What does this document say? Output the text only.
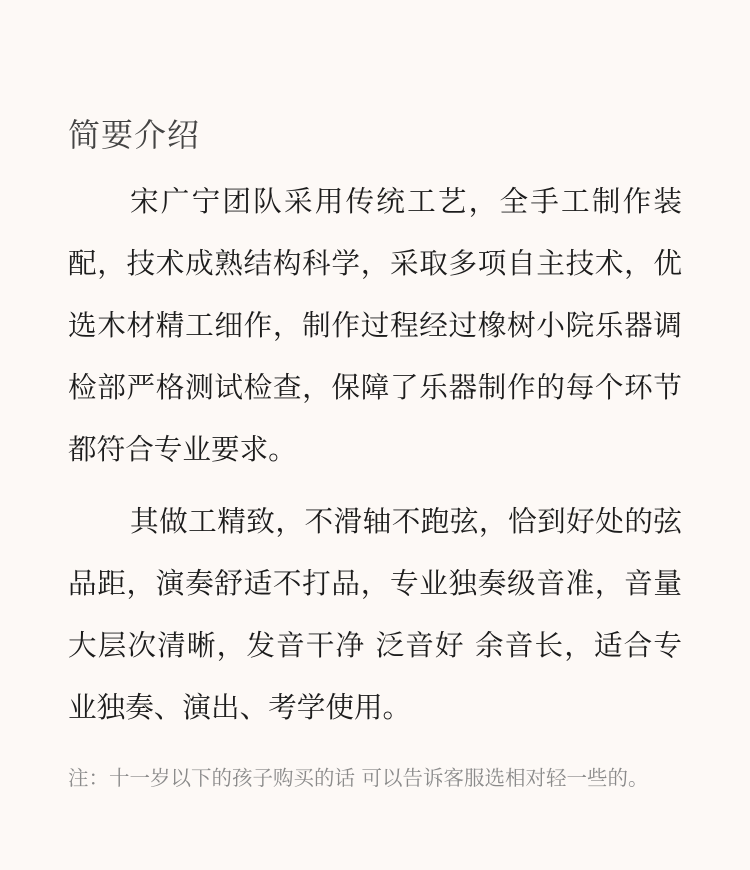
简要介绍

宋广宁团队采用传统工艺，全手工制作装配，技术成熟结构科学，采取多项自主技术，优选木材精工细作，制作过程经过橡树小院乐器调检部严格测试检查，保障了乐器制作的每个环节都符合专业要求。

其做工精致，不滑轴不跑弦，恰到好处的弦品距，演奏舒适不打品，专业独奏级音准，音量大层次清晰，发音干净 泛音好 余音长，适合专业独奏、演出、考学使用。

注：十一岁以下的孩子购买的话 可以告诉客服选相对轻一些的。
